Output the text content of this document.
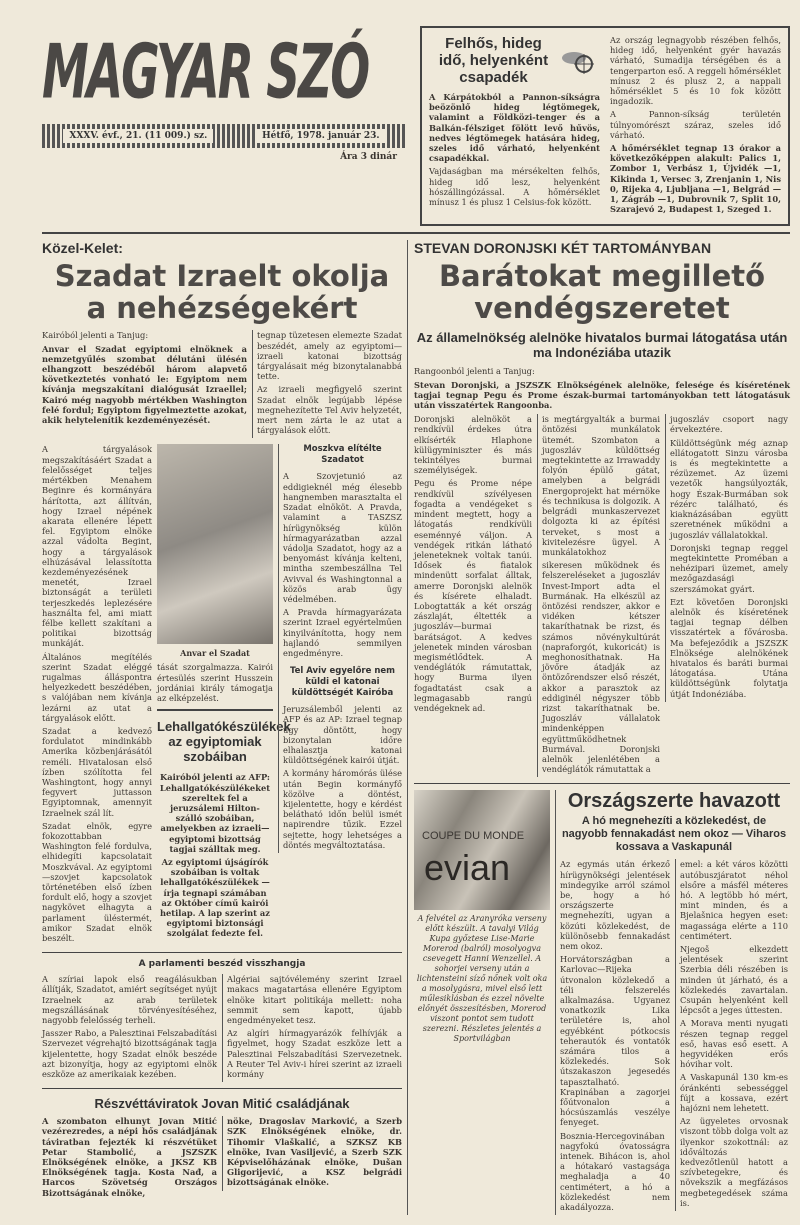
MAGYAR SZÓ
XXXV. évf., 21. (11 009.) sz.	Hétfő, 1978. január 23.
Ára 3 dinár
Felhős, hideg idő, helyenként csapadék

A Kárpátokból a Pannon-síkságra beözönlő hideg légtömegek, valamint a Földközi-tenger és a Balkán-félsziget fölött levő hűvös, nedves légtömegek hatására hideg, szeles idő várható, helyenként csapadékkal.

Vajdaságban ma mérsékelten felhős, hideg idő lesz, helyenként hószállingózással. A hőmérséklet mínusz 1 és plusz 1 Celsius-fok között.

Az ország legnagyobb részében felhős, hideg idő, helyenként gyér havazás várható, Sumadija térségében és a tengerparton eső. A reggeli hőmérséklet mínusz 2 és plusz 2, a nappali hőmérséklet 5 és 10 fok között ingadozik.

A Pannon-síkság területén túlnyomórészt száraz, szeles idő várható.

A hőmérséklet tegnap 13 órakor a következőképpen alakult: Palics 1, Zombor 1, Verbász 1, Újvidék —1, Kikinda 1, Versec 3, Zrenjanin 1, Nis 0, Rijeka 4, Ljubljana —1, Belgrád —1, Zágráb —1, Dubrovnik 7, Split 10, Szarajevó 2, Budapest 1, Szeged 1.

Közel-Kelet:
Szadat Izraelt okolja a nehézségekért

Kairóból jelenti a Tanjug:

Anvar el Szadat egyiptomi elnöknek a nemzetgyűlés szombat délutáni ülésén elhangzott beszédéből három alapvető következtetés vonható le: Egyiptom nem kívánja megszakítani dialógusát Izraellel; Kairó még nagyobb mértékben Washington felé fordul; Egyiptom figyelmeztette azokat, akik helytelenítik kezdeményezését.

tegnap tüzetesen elemezte Szadat beszédét, amely az egyiptomi—izraeli katonai bizottság tárgyalásait még bizonytalanabbá tette.

Az izraeli megfigyelő szerint Szadat elnök legújabb lépése megnehezítette Tel Aviv helyzetét, mert nem zárta le az utat a tárgyalások előtt.

A tárgyalások megszakításáért Szadat a felelősséget teljes mértékben Menahem Beginre és kormányára hárította, azt állítván, hogy Izrael népének akarata ellenére lépett fel. Egyiptom elnöke azzal vádolta Begint, hogy a tárgyalások elhúzásával lelassította kezdeményezésének menetét, Izrael biztonságát a területi terjeszkedés leplezésére használta fel, ami miatt félbe kellett szakítani a politikai bizottság munkáját.

Általános megítélés szerint Szadat eléggé rugalmas álláspontra helyezkedett beszédében, s valójában nem kívánja lezárni az utat a tárgyalások előtt.

Szadat a kedvező fordulatot mindinkább Amerika közbenjárásától reméli. Hivatalosan első ízben szólította fel Washingtont, hogy annyi fegyvert juttasson Egyiptomnak, amennyit Izraelnek szál lít.

Szadat elnök, egyre fokozottabban Washington felé fordulva, elhidegíti kapcsolatait Moszkvával. Az egyiptomi—szovjet kapcsolatok történetében első ízben fordult elő, hogy a szovjet nagykövet elhagyta a parlament üléstermét, amikor Szadat elnök beszélt.

Anvar el Szadat

tását szorgalmazza. Kairói értesülés szerint Husszein jordániai király támogatja az elképzelést.

Lehallgatókészülékek az egyiptomiak szobáiban

Kairóból jelenti az AFP: Lehallgatókészülékeket szereltek fel a jeruzsálemi Hilton-szálló szobáiban, amelyekben az izraeli—egyiptomi bizottság tagjai szálltak meg.

Az egyiptomi újságírók szobáiban is voltak lehallgatókészülékek — írja tegnapi számában az Október című kairói hetilap. A lap szerint az egyiptomi biztonsági szolgálat fedezte fel.

Moszkva elítélte Szadatot

A Szovjetunió az eddigieknél még élesebb hangnemben marasztalta el Szadat elnököt. A Pravda, valamint a TASZSZ hírügynökség külön hírmagyarázatban azzal vádolja Szadatot, hogy az a benyomást kívánja kelteni, mintha szembeszállna Tel Avivval és Washingtonnal a közös arab ügy védelmében.

A Pravda hírmagyarázata szerint Izrael egyértelműen kinyilvánította, hogy nem hajlandó semmilyen engedményre.

Tel Aviv egyelőre nem küldi el katonai küldöttségét Kairóba

Jeruzsálemből jelenti az AFP és az AP: Izrael tegnap úgy döntött, hogy bizonytalan időre elhalasztja katonai küldöttségének kairói útját.

A kormány háromórás ülése után Begin kormányfő közölve a döntést, kijelentette, hogy e kérdést belátható időn belül ismét napirendre tűzik. Ezzel sejtette, hogy lehetséges a döntés megváltoztatása.

A parlamenti beszéd visszhangja

A szíriai lapok első reagálásukban állítják, Szadatot, amiért segítséget nyújt Izraelnek az arab területek megszállásának törvényesítéséhez, nagyobb felelősség terheli.

Jasszer Rabo, a Palesztinai Felszabadítási Szervezet végrehajtó bizottságának tagja kijelentette, hogy Szadat elnök beszéde azt bizonyítja, hogy az egyiptomi elnök eszköze az amerikaiak kezében.

Algériai sajtóvélemény szerint Izrael makacs magatartása ellenére Egyiptom elnöke kitart politikája mellett: noha semmit sem kapott, újabb engedményeket tesz.

Az algíri hírmagyarázók felhívják a figyelmet, hogy Szadat eszköze lett a Palesztinai Felszabadítási Szervezetnek. A Reuter Tel Aviv-i hírei szerint az izraeli kormány

Részvéttáviratok Jovan Mitić családjának

A szombaton elhunyt Jovan Mitić vezérezredes, a népi hős családjának táviratban fejezték ki részvétüket Petar Stambolić, a JSZSZK Elnökségének elnöke, a JKSZ KB Elnökségének tagja. Kosta Nađ, a Harcos Szövetség Országos Bizottságának elnöke,

nöke, Dragoslav Marković, a Szerb SZK Elnökségének elnöke, dr. Tihomir Vlaškalić, a SZKSZ KB elnöke, Ivan Vasiljević, a Szerb SZK Képviselőházának elnöke, Dušan Gligorijević, a KSZ belgrádi bizottságának elnöke.

STEVAN DORONJSKI KÉT TARTOMÁNYBAN
Barátokat megillető vendégszeretet
Az államelnökség alelnöke hivatalos burmai látogatása után ma Indonéziába utazik

Rangoonból jelenti a Tanjug:

Stevan Doronjski, a JSZSZK Elnökségének alelnöke, felesége és kíséretének tagjai tegnap Pegu és Prome észak-burmai tartományokban tett látogatásuk után visszatértek Rangoonba.

Doronjski alelnököt a rendkívül érdekes útra elkísérték Hlaphone külügyminiszter és más tekintélyes burmai személyiségek.

Pegu és Prome népe rendkívül szívélyesen fogadta a vendégeket s mindent megtett, hogy a látogatás rendkívüli eseménnyé váljon. A vendégek ritkán látható jeleneteknek voltak tanúi. Idősek és fiatalok mindenütt sorfalat álltak, amerre Doronjski alelnök és kísérete elhaladt. Lobogtatták a két ország zászlaját, éltették a jugoszláv—burmai barátságot. A kedves jelenetek minden városban megismétlődtek. A vendéglátók rámutattak, hogy Burma ilyen fogadtatást csak a legmagasabb rangú vendégeknek ad.

is megtárgyalták a burmai öntözési munkálatok ütemét. Szombaton a jugoszláv küldöttség megtekintette az Irrawaddy folyón épülő gátat, amelyben a belgrádi Energoprojekt hat mérnöke és technikusa is dolgozik. A belgrádi munkaszervezet dolgozta ki az építési terveket, s most a kivitelezésre ügyel. A munkálatokhoz

sikeresen működnek és felszereléseket a jugoszláv Invest-Import adta el Burmának. Ha elkészül az öntözési rendszer, akkor e vidéken kétszer takaríthatnak be rizst, és számos növénykultúrát (napraforgót, kukoricát) is meghonosíthatnak. Ha jövőre átadják az öntözőrendszer első részét, akkor a parasztok az eddiginél négyszer több rizst takaríthatnak be. Jugoszláv vállalatok mindenképpen együttműködhetnek Burmával. Doronjski alelnök jelenlétében a vendéglátók rámutattak a

jugoszláv csoport nagy érvekeztére.

Küldöttségünk még aznap ellátogatott Sinzu városba is és megtekintette a rézüzemet. Az üzemi vezetők hangsúlyozták, hogy Észak-Burmában sok rézérc található, és kiaknázásában együtt szeretnének működni a jugoszláv vállalatokkal.

Doronjski tegnap reggel megtekintette Proméban a nehézipari üzemet, amely mezőgazdasági szerszámokat gyárt.

Ezt követően Doronjski alelnök és kíséretének tagjai tegnap délben visszatértek a fővárosba. Ma befejeződik a JSZSZK Elnöksége alelnökének hivatalos és baráti burmai látogatása. Utána küldöttségünk folytatja útját Indonéziába.

COUPE DU MONDE
evian
A felvétel az Aranyróka verseny előtt készült. A tavalyi Világ Kupa győztese Lise-Marie Morerod (balról) mosolyogva csevegett Hanni Wenzellel. A sohorjei verseny után a lichtensteini síző nőnek volt oka a mosolygásra, mivel első lett műlesiklásban és ezzel növelte előnyét összesítésben, Morerod viszont pontot sem tudott szerezni. Részletes jelentés a Sportvilágban
Országszerte havazott
A hó megnehezíti a közlekedést, de nagyobb fennakadást nem okoz — Viharos kossava a Vaskapunál

Az egymás után érkező hírügynökségi jelentések mindegyike arról számol be, hogy a hó országszerte megnehezíti, ugyan a közúti közlekedést, de különösebb fennakadást nem okoz.

Horvátországban a Karlovac—Rijeka útvonalon közlekedő a téli felszerelés alkalmazása. Ugyanez vonatkozik Lika területére is, ahol egyébként pótkocsis teherautók és vontatók számára tilos a közlekedés. Sok útszakaszon jegesedés tapasztalható. Krapinában a zagorjei főútvonalon a hócsúszamlás veszélye fenyeget.

Bosznia-Hercegovinában nagyfokú óvatosságra intenek. Bihácon is, ahol a hótakaró vastagsága meghaladja a 40 centimétert, a hó a közlekedést nem akadályozza.

emel: a két város közötti autóbuszjáratot néhol elsőre a másfél méteres hó. A legtöbb hó mért, mint minden, és a Bjelašnica hegyen eset: magassága elérte a 110 centimétert.

Njegoš elkezdett jelentések szerint Szerbia déli részében is minden út járható, és a közlekedés zavartalan. Csupán helyenként kell lépcsőt a jeges úttesten.

A Morava menti nyugati részen tegnap reggel eső, havas eső esett. A hegyvidéken erős hóvihar volt.

A Vaskapunál 130 km-es óránkénti sebességgel fújt a kossava, ezért hajózni nem lehetett.

Az ügyeletes orvosnak viszont több dolga volt az ilyenkor szokottnál: az időváltozás kedvezőtlenül hatott a szívbetegekre, és növekszik a megfázásos megbetegedések száma is.
